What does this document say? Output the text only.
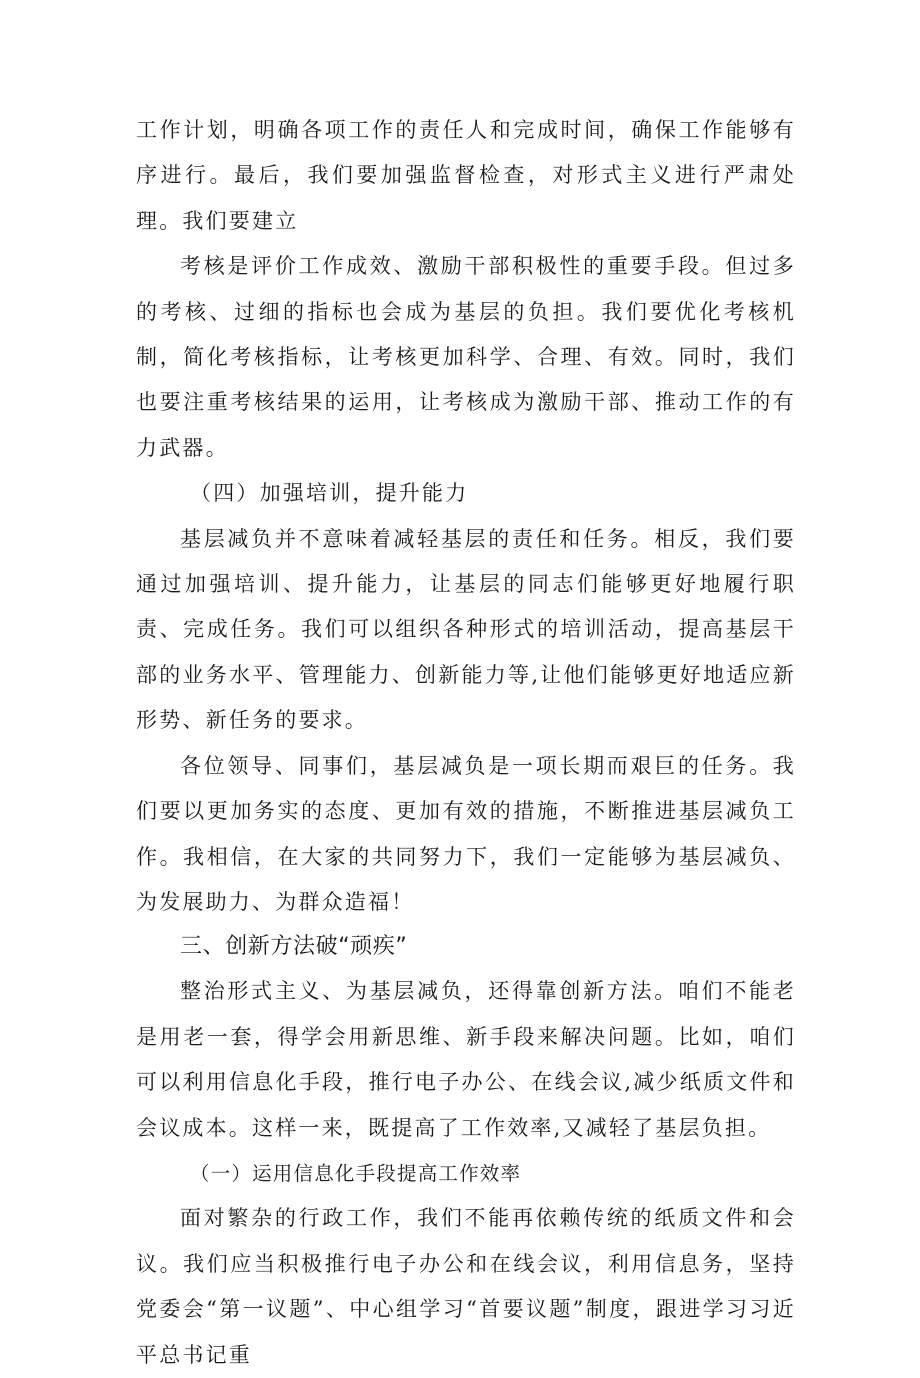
工作计划，明确各项工作的责任人和完成时间，确保工作能够有序进行。最后，我们要加强监督检查，对形式主义进行严肃处理。我们要建立

考核是评价工作成效、激励干部积极性的重要手段。但过多的考核、过细的指标也会成为基层的负担。我们要优化考核机制，简化考核指标，让考核更加科学、合理、有效。同时，我们也要注重考核结果的运用，让考核成为激励干部、推动工作的有力武器。

（四）加强培训，提升能力

基层减负并不意味着减轻基层的责任和任务。相反，我们要通过加强培训、提升能力，让基层的同志们能够更好地履行职责、完成任务。我们可以组织各种形式的培训活动，提高基层干部的业务水平、管理能力、创新能力等,让他们能够更好地适应新形势、新任务的要求。

各位领导、同事们，基层减负是一项长期而艰巨的任务。我们要以更加务实的态度、更加有效的措施，不断推进基层减负工作。我相信，在大家的共同努力下，我们一定能够为基层减负、为发展助力、为群众造福！

三、创新方法破“顽疾”

整治形式主义、为基层减负，还得靠创新方法。咱们不能老是用老一套，得学会用新思维、新手段来解决问题。比如，咱们可以利用信息化手段，推行电子办公、在线会议,减少纸质文件和会议成本。这样一来，既提高了工作效率,又减轻了基层负担。

（一）运用信息化手段提高工作效率

面对繁杂的行政工作，我们不能再依赖传统的纸质文件和会议。我们应当积极推行电子办公和在线会议，利用信息务，坚持党委会“第一议题”、中心组学习“首要议题”制度，跟进学习习近平总书记重
